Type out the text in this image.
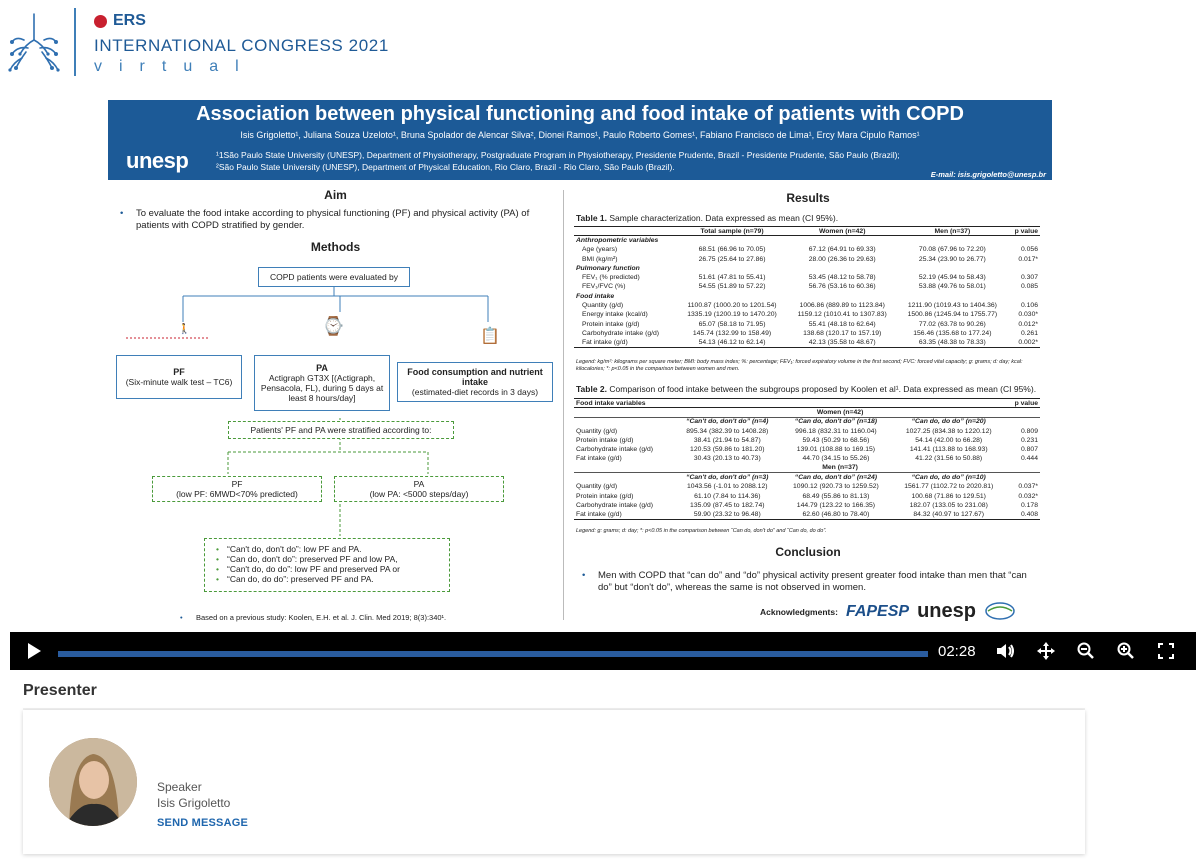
ERS
INTERNATIONAL CONGRESS 2021
virtual
Association between physical functioning and food intake of patients with COPD
Isis Grigoletto¹, Juliana Souza Uzeloto¹, Bruna Spolador de Alencar Silva², Dionei Ramos¹, Paulo Roberto Gomes¹, Fabiano Francisco de Lima¹, Ercy Mara Cipulo Ramos¹
unesp	¹1São Paulo State University (UNESP), Department of Physiotherapy, Postgraduate Program in Physiotherapy, Presidente Prudente, Brazil - Presidente Prudente, São Paulo (Brazil);
²São Paulo State University (UNESP), Department of Physical Education, Rio Claro, Brazil - Rio Claro, São Paulo (Brazil).
E-mail: isis.grigoletto@unesp.br
Aim
• To evaluate the food intake according to physical functioning (PF) and physical activity (PA) of patients with COPD stratified by gender.
Methods
COPD patients were evaluated by
🚶	⌚
📋
PF
(Six-minute walk test – TC6)
PA
Actigraph GT3X [(Actigraph, Pensacola, FL), during 5 days at least 8 hours/day]
Food consumption and nutrient intake
(estimated-diet records in 3 days)
Patients' PF and PA were stratified according to:
PF
(low PF: 6MWD<70% predicted)
PA
(low PA: <5000 steps/day)
• “Can't do, don't do”: low PF and PA.
• “Can do, don't do”: preserved PF and low PA,
• “Can't do, do do”: low PF and preserved PA or
• “Can do, do do”: preserved PF and PA.
• Based on a previous study: Koolen, E.H. et al. J. Clin. Med 2019; 8(3):340¹.
Results
Table 1. Sample characterization. Data expressed as mean (CI 95%).
	Total sample (n=79)	Women (n=42)	Men (n=37)	p value
Anthropometric variables				
Age (years)	68.51 (66.96 to 70.05)	67.12 (64.91 to 69.33)	70.08 (67.96 to 72.20)	0.056
BMI (kg/m²)	26.75 (25.64 to 27.86)	28.00 (26.36 to 29.63)	25.34 (23.90 to 26.77)	0.017*
Pulmonary function				
FEV₁ (% predicted)	51.61 (47.81 to 55.41)	53.45 (48.12 to 58.78)	52.19 (45.94 to 58.43)	0.307
FEV₁/FVC (%)	54.55 (51.89 to 57.22)	56.76 (53.16 to 60.36)	53.88 (49.76 to 58.01)	0.085
Food intake				
Quantity (g/d)	1100.87 (1000.20 to 1201.54)	1006.86 (889.89 to 1123.84)	1211.90 (1019.43 to 1404.36)	0.106
Energy intake (kcal/d)	1335.19 (1200.19 to 1470.20)	1159.12 (1010.41 to 1307.83)	1500.86 (1245.94 to 1755.77)	0.030*
Protein intake (g/d)	65.07 (58.18 to 71.95)	55.41 (48.18 to 62.64)	77.02 (63.78 to 90.26)	0.012*
Carbohydrate intake (g/d)	145.74 (132.99 to 158.49)	138.68 (120.17 to 157.19)	156.46 (135.68 to 177.24)	0.261
Fat intake (g/d)	54.13 (46.12 to 62.14)	42.13 (35.58 to 48.67)	63.35 (48.38 to 78.33)	0.002*
Legend: kg/m²: kilograms per square meter; BMI: body mass index; %: percentage; FEV₁: forced expiratory volume in the first second; FVC: forced vital capacity; g: grams; d: day; kcal: kilocalories; *: p<0.05 in the comparison between women and men.
Table 2. Comparison of food intake between the subgroups proposed by Koolen et al¹. Data expressed as mean (CI 95%).
Food intake variables				p value
	Women (n=42)			
	“Can't do, don't do” (n=4)	“Can do, don't do” (n=18)	“Can do, do do” (n=20)	
Quantity (g/d)	895.34 (382.39 to 1408.28)	996.18 (832.31 to 1160.04)	1027.25 (834.38 to 1220.12)	0.809
Protein intake (g/d)	38.41 (21.94 to 54.87)	59.43 (50.29 to 68.56)	54.14 (42.00 to 66.28)	0.231
Carbohydrate intake (g/d)	120.53 (59.86 to 181.20)	139.01 (108.88 to 169.15)	141.41 (113.88 to 168.93)	0.807
Fat intake (g/d)	30.43 (20.13 to 40.73)	44.70 (34.15 to 55.26)	41.22 (31.56 to 50.88)	0.444
	Men (n=37)			
	“Can't do, don't do” (n=3)	“Can do, don't do” (n=24)	“Can do, do do” (n=10)	
Quantity (g/d)	1043.56 (-1.01 to 2088.12)	1090.12 (920.73 to 1259.52)	1561.77 (1102.72 to 2020.81)	0.037*
Protein intake (g/d)	61.10 (7.84 to 114.36)	68.49 (55.86 to 81.13)	100.68 (71.86 to 129.51)	0.032*
Carbohydrate intake (g/d)	135.09 (87.45 to 182.74)	144.79 (123.22 to 166.35)	182.07 (133.05 to 231.08)	0.178
Fat intake (g/d)	59.90 (23.32 to 96.48)	62.60 (46.80 to 78.40)	84.32 (40.97 to 127.67)	0.408
Legend: g: grams; d: day; *: p<0.05 in the comparison between “Can do, don't do” and “Can do, do do”.
Conclusion
• Men with COPD that “can do” and “do” physical activity present greater food intake than men that “can do” but “don't do”, whereas the same is not observed in women.
Acknowledgments: FAPESP unesp
02:28
Presenter
Speaker
Isis Grigoletto
SEND MESSAGE
